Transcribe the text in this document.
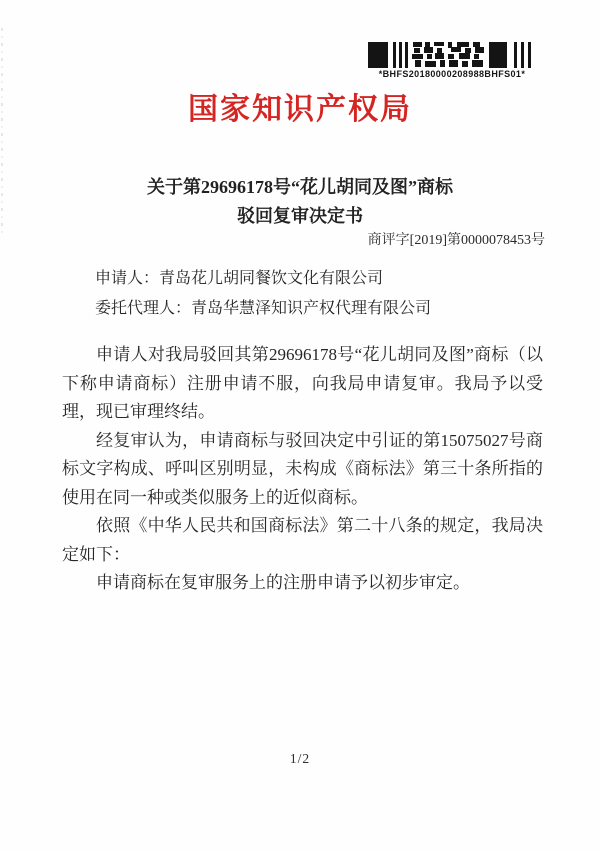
*BHFS20180000208988BHFS01*
国家知识产权局
关于第29696178号“花儿胡同及图”商标
驳回复审决定书
商评字[2019]第0000078453号
申请人：青岛花儿胡同餐饮文化有限公司
委托代理人：青岛华慧泽知识产权代理有限公司

申请人对我局驳回其第29696178号“花儿胡同及图”商标（以下称申请商标）注册申请不服，向我局申请复审。我局予以受理，现已审理终结。

经复审认为，申请商标与驳回决定中引证的第15075027号商标文字构成、呼叫区别明显，未构成《商标法》第三十条所指的使用在同一种或类似服务上的近似商标。

依照《中华人民共和国商标法》第二十八条的规定，我局决定如下：

申请商标在复审服务上的注册申请予以初步审定。

1/2
